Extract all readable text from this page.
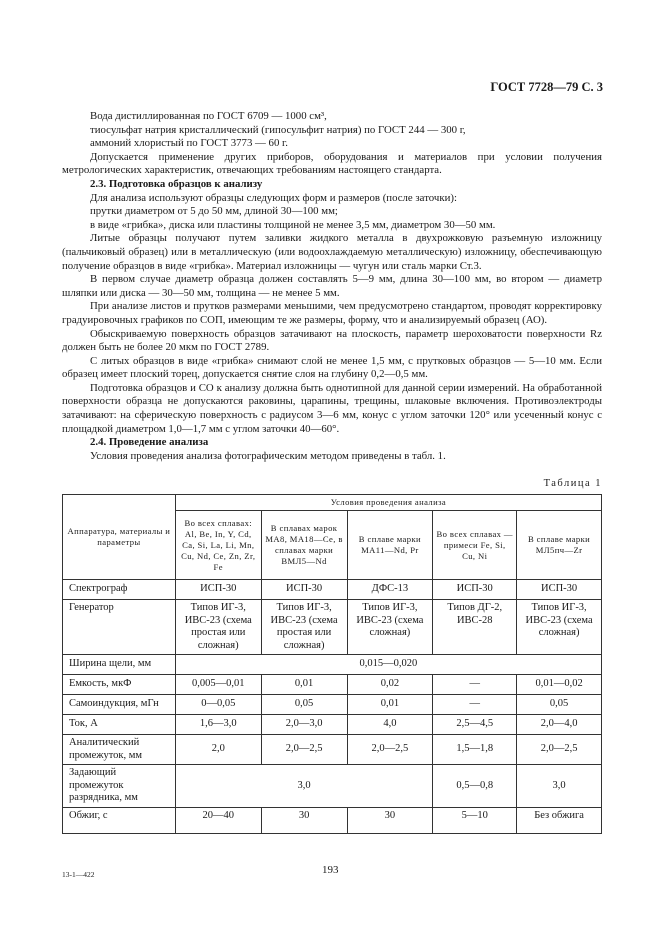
ГОСТ 7728—79 С. 3

Вода дистиллированная по ГОСТ 6709 — 1000 см³,

тиосульфат натрия кристаллический (гипосульфит натрия) по ГОСТ 244 — 300 г,

аммоний хлористый по ГОСТ 3773 — 60 г.

Допускается применение других приборов, оборудования и материалов при условии получения метрологических характеристик, отвечающих требованиям настоящего стандарта.

2.3. Подготовка образцов к анализу

Для анализа используют образцы следующих форм и размеров (после заточки):

прутки диаметром от 5 до 50 мм, длиной 30—100 мм;

в виде «грибка», диска или пластины толщиной не менее 3,5 мм, диаметром 30—50 мм.

Литые образцы получают путем заливки жидкого металла в двухрожковую разъемную изложницу (пальчиковый образец) или в металлическую (или водоохлаждаемую металлическую) изложницу, обеспечивающую получение образцов в виде «грибка». Материал изложницы — чугун или сталь марки Ст.3.

В первом случае диаметр образца должен составлять 5—9 мм, длина 30—100 мм, во втором — диаметр шляпки или диска — 30—50 мм, толщина — не менее 5 мм.

При анализе листов и прутков размерами меньшими, чем предусмотрено стандартом, проводят корректировку градуировочных графиков по СОП, имеющим те же размеры, форму, что и анализируемый образец (АО).

Обыскриваемую поверхность образцов затачивают на плоскость, параметр шероховатости поверхности Rz должен быть не более 20 мкм по ГОСТ 2789.

С литых образцов в виде «грибка» снимают слой не менее 1,5 мм, с прутковых образцов — 5—10 мм. Если образец имеет плоский торец, допускается снятие слоя на глубину 0,2—0,5 мм.

Подготовка образцов и СО к анализу должна быть однотипной для данной серии измерений. На обработанной поверхности образца не допускаются раковины, царапины, трещины, шлаковые включения. Противоэлектроды затачивают: на сферическую поверхность с радиусом 3—6 мм, конус с углом заточки 120° или усеченный конус с площадкой диаметром 1,0—1,7 мм с углом заточки 40—60°.

2.4. Проведение анализа

Условия проведения анализа фотографическим методом приведены в табл. 1.

Таблица 1
Аппаратура, материалы и параметры	Условия проведения анализа				
	Во всех сплавах: Al, Be, In, Y, Cd, Ca, Si, La, Li, Mn, Cu, Nd, Ce, Zn, Zr, Fe	В сплавах марок МА8, МА18—Се, в сплавах марки ВМЛ5—Nd	В сплаве марки МА11—Nd, Pr	Во всех сплавах — примеси Fe, Si, Cu, Ni	В сплаве марки МЛ5пч—Zr
Спектрограф	ИСП-30	ИСП-30	ДФС-13	ИСП-30	ИСП-30
Генератор	Типов ИГ-3, ИВС-23 (схема простая или сложная)	Типов ИГ-3, ИВС-23 (схема простая или сложная)	Типов ИГ-3, ИВС-23 (схема сложная)	Типов ДГ-2, ИВС-28	Типов ИГ-3, ИВС-23 (схема сложная)
Ширина щели, мм	0,015—0,020				
Емкость, мкФ	0,005—0,01	0,01	0,02	—	0,01—0,02
Самоиндукция, мГн	0—0,05	0,05	0,01	—	0,05
Ток, А	1,6—3,0	2,0—3,0	4,0	2,5—4,5	2,0—4,0
Аналитический промежуток, мм	2,0	2,0—2,5	2,0—2,5	1,5—1,8	2,0—2,5
Задающий промежуток разрядника, мм	3,0			0,5—0,8	3,0
Обжиг, с	20—40	30	30	5—10	Без обжига
13-1—422	193
